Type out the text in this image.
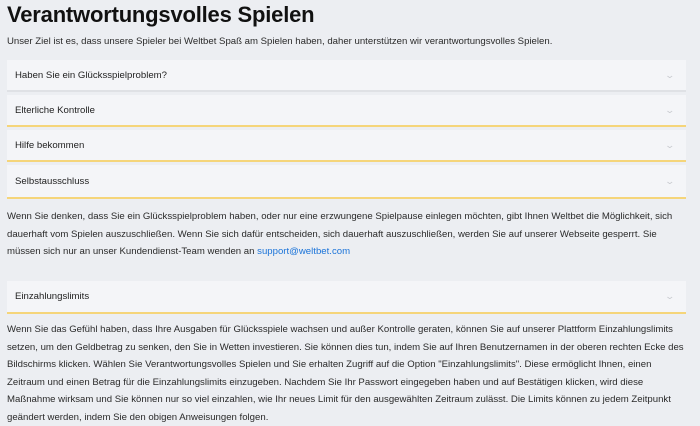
Verantwortungsvolles Spielen

Unser Ziel ist es, dass unsere Spieler bei Weltbet Spaß am Spielen haben, daher unterstützen wir verantwortungsvolles Spielen.

Haben Sie ein Glücksspielproblem?	⌄
Elterliche Kontrolle	⌄
Hilfe bekommen	⌄
Selbstausschluss	⌄

Wenn Sie denken, dass Sie ein Glücksspielproblem haben, oder nur eine erzwungene Spielpause einlegen möchten, gibt Ihnen Weltbet die Möglichkeit, sich dauerhaft vom Spielen auszuschließen. Wenn Sie sich dafür entscheiden, sich dauerhaft auszuschließen, werden Sie auf unserer Webseite gesperrt. Sie müssen sich nur an unser Kundendienst-Team wenden an support@weltbet.com

Einzahlungslimits	⌄

Wenn Sie das Gefühl haben, dass Ihre Ausgaben für Glücksspiele wachsen und außer Kontrolle geraten, können Sie auf unserer Plattform Einzahlungslimits setzen, um den Geldbetrag zu senken, den Sie in Wetten investieren. Sie können dies tun, indem Sie auf Ihren Benutzernamen in der oberen rechten Ecke des Bildschirms klicken. Wählen Sie Verantwortungsvolles Spielen und Sie erhalten Zugriff auf die Option "Einzahlungslimits". Diese ermöglicht Ihnen, einen Zeitraum und einen Betrag für die Einzahlungslimits einzugeben. Nachdem Sie Ihr Passwort eingegeben haben und auf Bestätigen klicken, wird diese Maßnahme wirksam und Sie können nur so viel einzahlen, wie Ihr neues Limit für den ausgewählten Zeitraum zulässt. Die Limits können zu jedem Zeitpunkt geändert werden, indem Sie den obigen Anweisungen folgen.
